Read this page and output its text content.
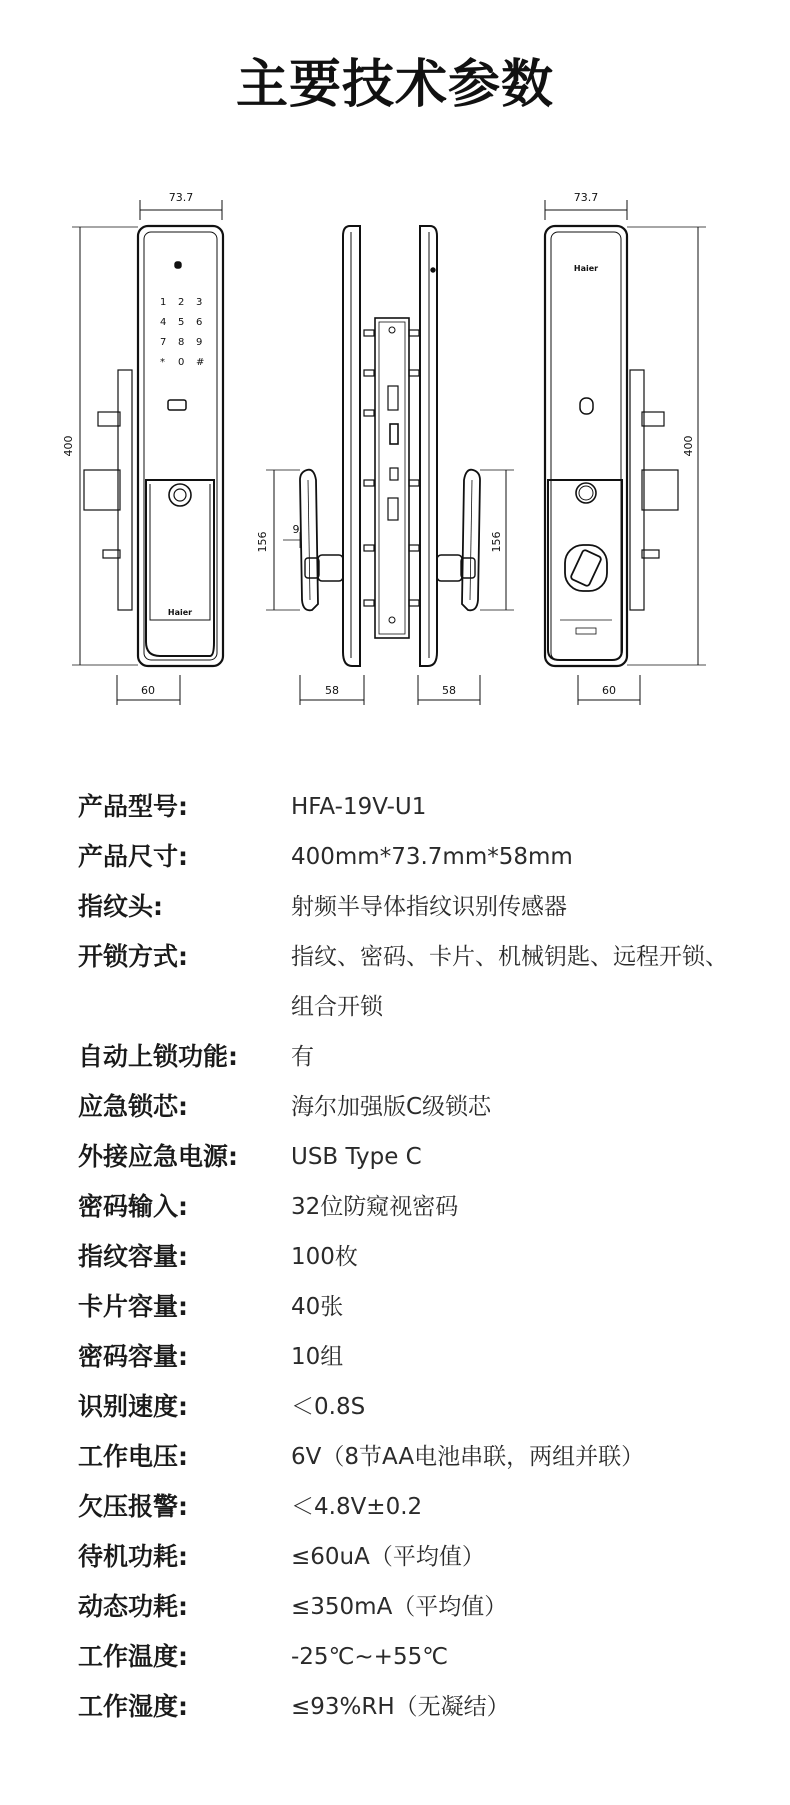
主要技术参数
73.7
400
1 2 3
4 5 6
7 8 9
* 0 #
Haier
60
156	156
9
58	58
73.7
400
Haier
60
产品型号:	HFA-19V-U1
产品尺寸:	400mm*73.7mm*58mm
指纹头:	射频半导体指纹识别传感器
开锁方式:	指纹、密码、卡片、机械钥匙、远程开锁、
组合开锁
自动上锁功能:	有
应急锁芯:	海尔加强版C级锁芯
外接应急电源:	USB Type C
密码输入:	32位防窥视密码
指纹容量:	100枚
卡片容量:	40张
密码容量:	10组
识别速度:	＜0.8S
工作电压:	6V（8节AA电池串联，两组并联）
欠压报警:	＜4.8V±0.2
待机功耗:	≤60uA（平均值）
动态功耗:	≤350mA（平均值）
工作温度:	-25℃~+55℃
工作湿度:	≤93%RH（无凝结）
